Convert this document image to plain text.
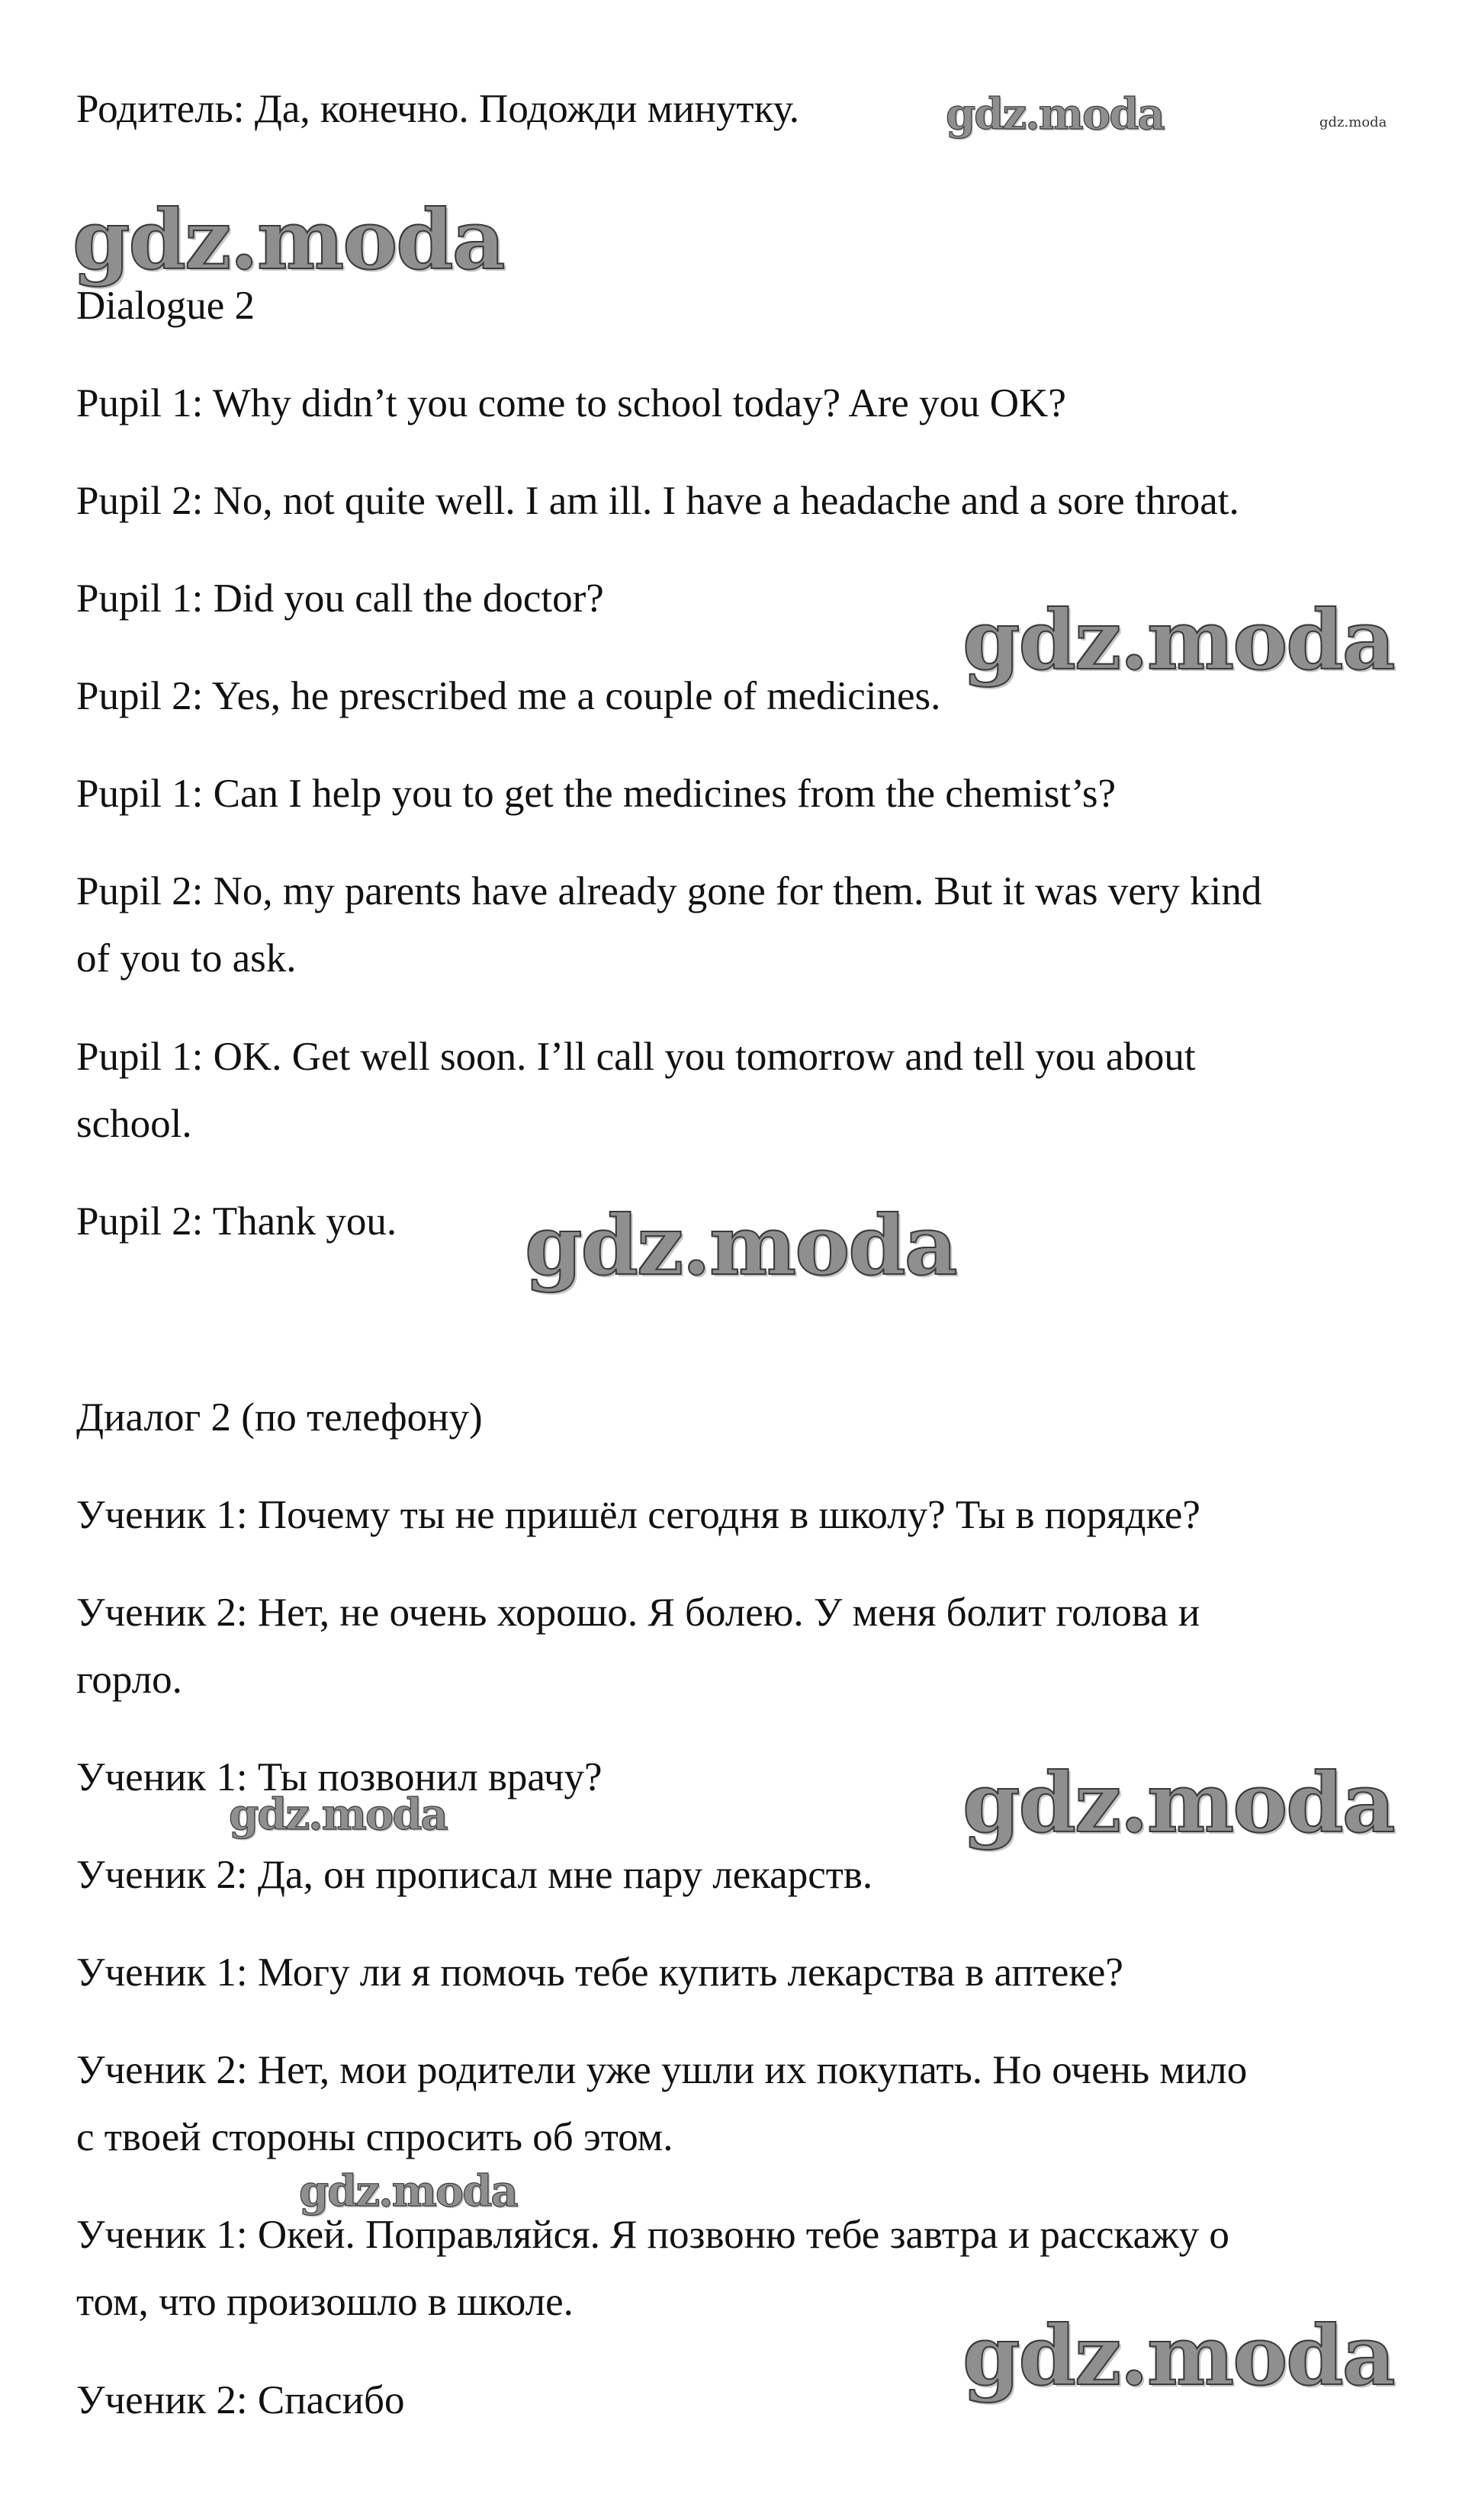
Родитель: Да, конечно. Подожди минутку.	gdz.moda	gdz.moda
gdz.moda

Dialogue 2

Pupil 1: Why didn’t you come to school today? Are you OK?

Pupil 2: No, not quite well. I am ill. I have a headache and a sore throat.

Pupil 1: Did you call the doctor?	gdz.moda

Pupil 2: Yes, he prescribed me a couple of medicines.

Pupil 1: Can I help you to get the medicines from the chemist’s?

Pupil 2: No, my parents have already gone for them. But it was very kind

of you to ask.

Pupil 1: OK. Get well soon. I’ll call you tomorrow and tell you about

school.

Pupil 2: Thank you. gdz.moda

Диалог 2 (по телефону)

Ученик 1: Почему ты не пришёл сегодня в школу? Ты в порядке?

Ученик 2: Нет, не очень хорошо. Я болею. У меня болит голова и

горло.

Ученик 1: Ты позвонил врачу?	gdz.moda
gdz.moda

Ученик 2: Да, он прописал мне пару лекарств.

Ученик 1: Могу ли я помочь тебе купить лекарства в аптеке?

Ученик 2: Нет, мои родители уже ушли их покупать. Но очень мило

с твоей стороны спросить об этом.

gdz.moda

Ученик 1: Окей. Поправляйся. Я позвоню тебе завтра и расскажу о

том, что произошло в школе.

gdz.moda

Ученик 2: Спасибо
